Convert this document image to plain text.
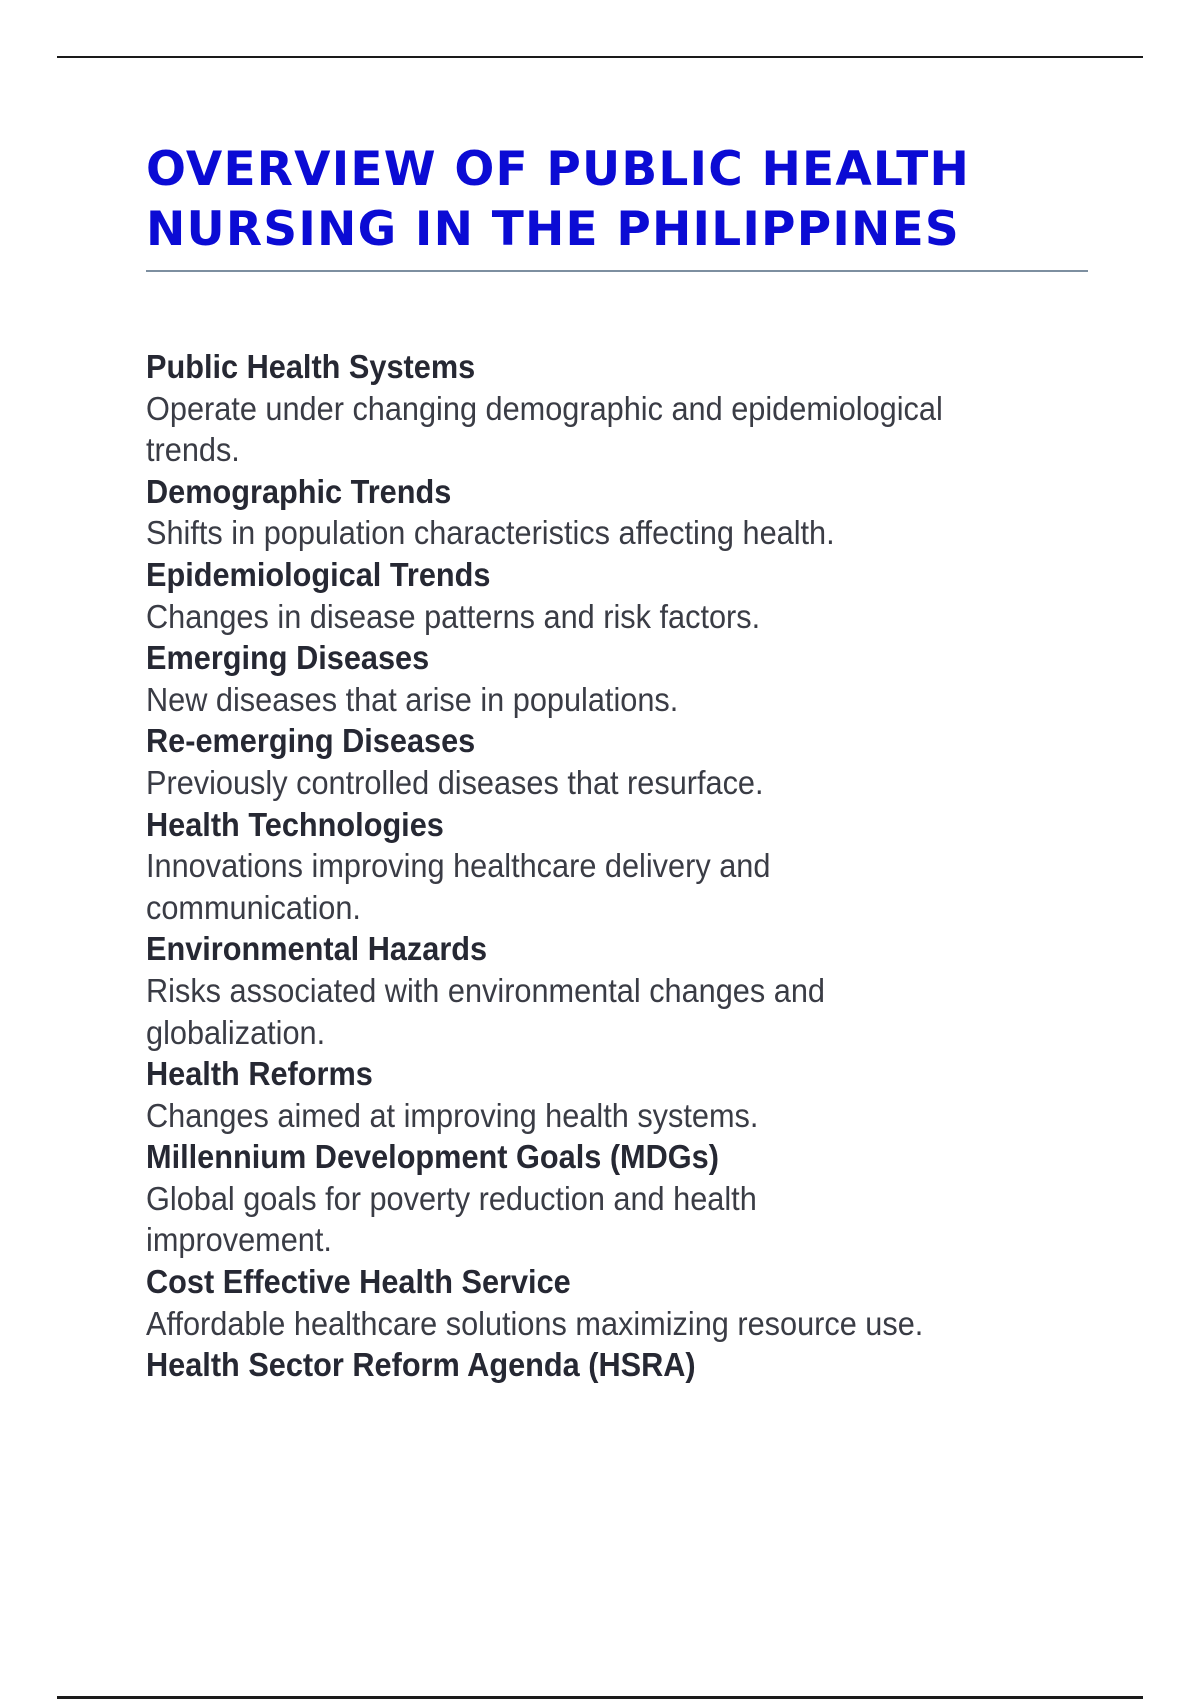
OVERVIEW OF PUBLIC HEALTH
NURSING IN THE PHILIPPINES
Public Health Systems
Operate under changing demographic and epidemiological
trends.
Demographic Trends
Shifts in population characteristics affecting health.
Epidemiological Trends
Changes in disease patterns and risk factors.
Emerging Diseases
New diseases that arise in populations.
Re-emerging Diseases
Previously controlled diseases that resurface.
Health Technologies
Innovations improving healthcare delivery and
communication.
Environmental Hazards
Risks associated with environmental changes and
globalization.
Health Reforms
Changes aimed at improving health systems.
Millennium Development Goals (MDGs)
Global goals for poverty reduction and health
improvement.
Cost Effective Health Service
Affordable healthcare solutions maximizing resource use.
Health Sector Reform Agenda (HSRA)
